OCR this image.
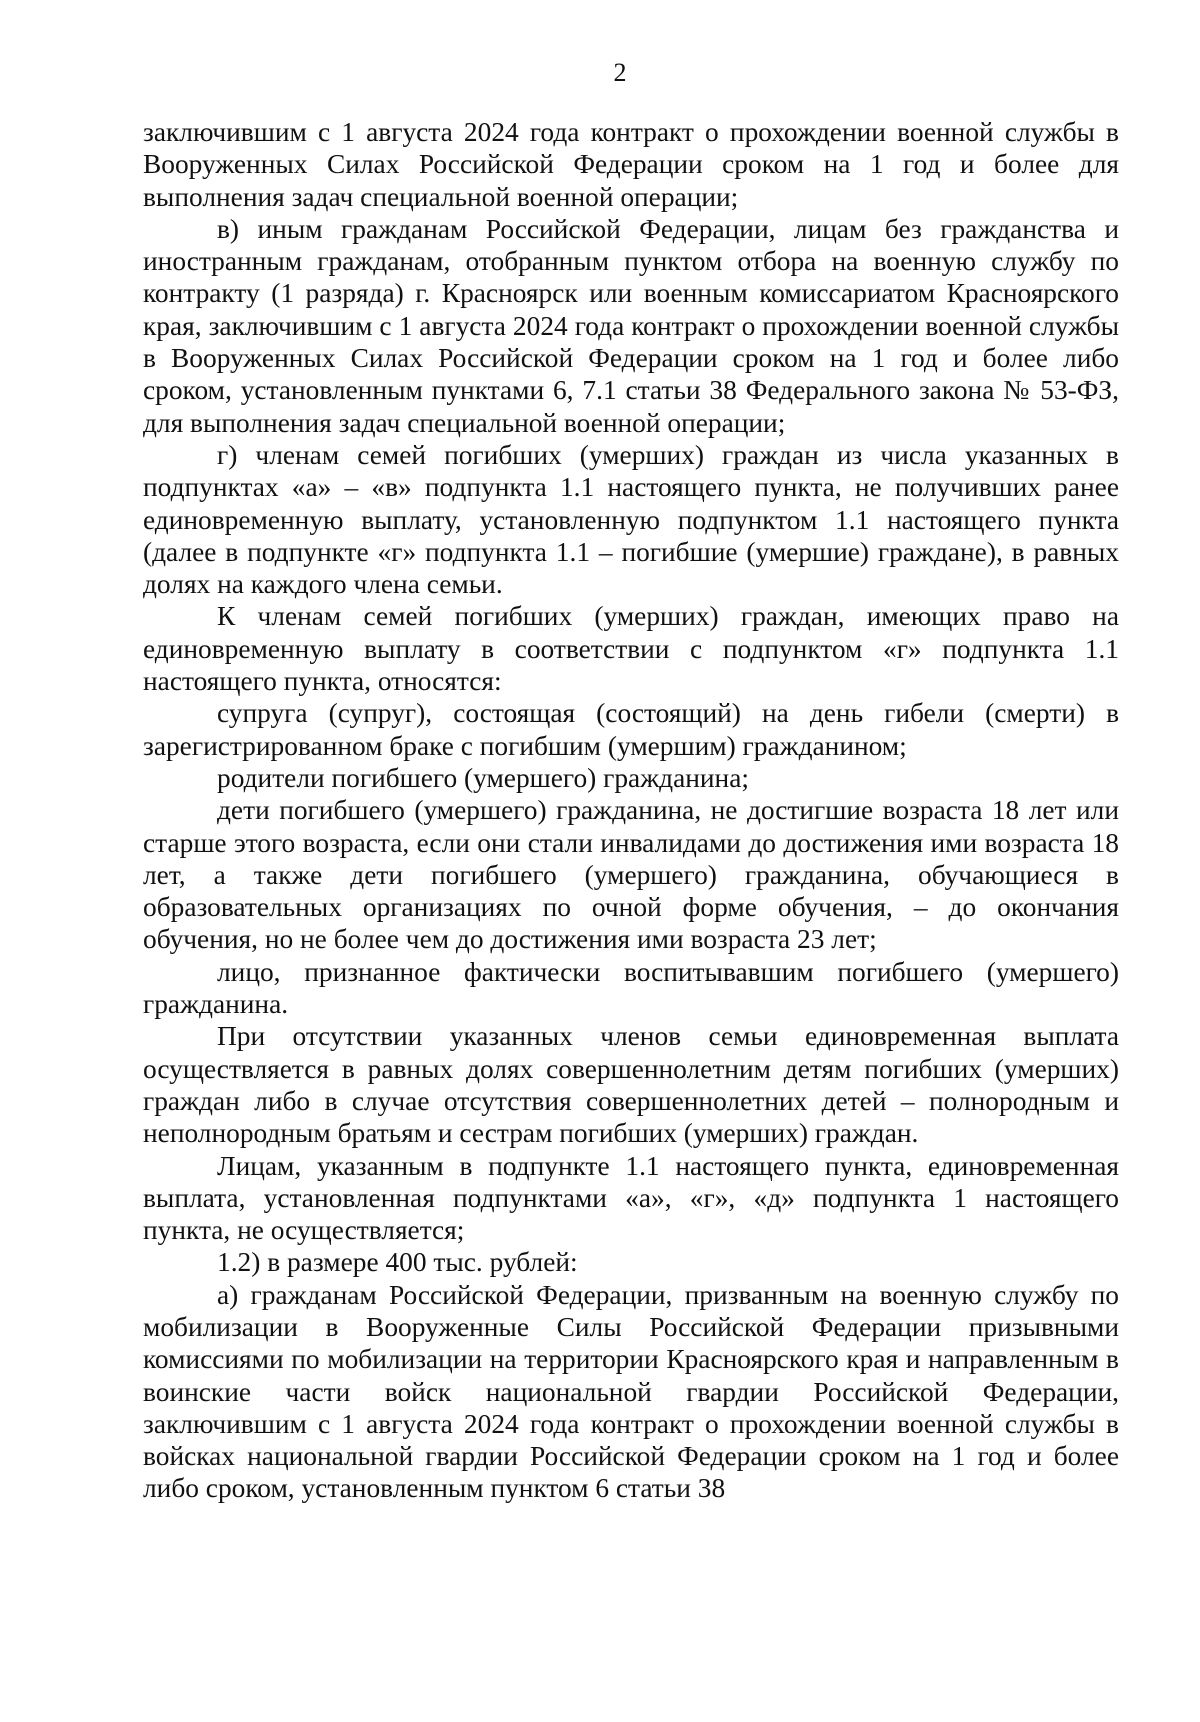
2

заключившим с 1 августа 2024 года контракт о прохождении военной службы в Вооруженных Силах Российской Федерации сроком на 1 год и более для выполнения задач специальной военной операции;

в) иным гражданам Российской Федерации, лицам без гражданства и иностранным гражданам, отобранным пунктом отбора на военную службу по контракту (1 разряда) г. Красноярск или военным комиссариатом Красноярского края, заключившим с 1 августа 2024 года контракт о прохождении военной службы в Вооруженных Силах Российской Федерации сроком на 1 год и более либо сроком, установленным пунктами 6, 7.1 статьи 38 Федерального закона № 53-ФЗ, для выполнения задач специальной военной операции;

г) членам семей погибших (умерших) граждан из числа указанных в подпунктах «а» – «в» подпункта 1.1 настоящего пункта, не получивших ранее единовременную выплату, установленную подпунктом 1.1 настоящего пункта (далее в подпункте «г» подпункта 1.1 – погибшие (умершие) граждане), в равных долях на каждого члена семьи.

К членам семей погибших (умерших) граждан, имеющих право на единовременную выплату в соответствии с подпунктом «г» подпункта 1.1 настоящего пункта, относятся:

супруга (супруг), состоящая (состоящий) на день гибели (смерти) в зарегистрированном браке с погибшим (умершим) гражданином;

родители погибшего (умершего) гражданина;

дети погибшего (умершего) гражданина, не достигшие возраста 18 лет или старше этого возраста, если они стали инвалидами до достижения ими возраста 18 лет, а также дети погибшего (умершего) гражданина, обучающиеся в образовательных организациях по очной форме обучения, – до окончания обучения, но не более чем до достижения ими возраста 23 лет;

лицо, признанное фактически воспитывавшим погибшего (умершего) гражданина.

При отсутствии указанных членов семьи единовременная выплата осуществляется в равных долях совершеннолетним детям погибших (умерших) граждан либо в случае отсутствия совершеннолетних детей – полнородным и неполнородным братьям и сестрам погибших (умерших) граждан.

Лицам, указанным в подпункте 1.1 настоящего пункта, единовременная выплата, установленная подпунктами «а», «г», «д» подпункта 1 настоящего пункта, не осуществляется;

1.2) в размере 400 тыс. рублей:

а) гражданам Российской Федерации, призванным на военную службу по мобилизации в Вооруженные Силы Российской Федерации призывными комиссиями по мобилизации на территории Красноярского края и направленным в воинские части войск национальной гвардии Российской Федерации, заключившим с 1 августа 2024 года контракт о прохождении военной службы в войсках национальной гвардии Российской Федерации сроком на 1 год и более либо сроком, установленным пунктом 6 статьи 38
